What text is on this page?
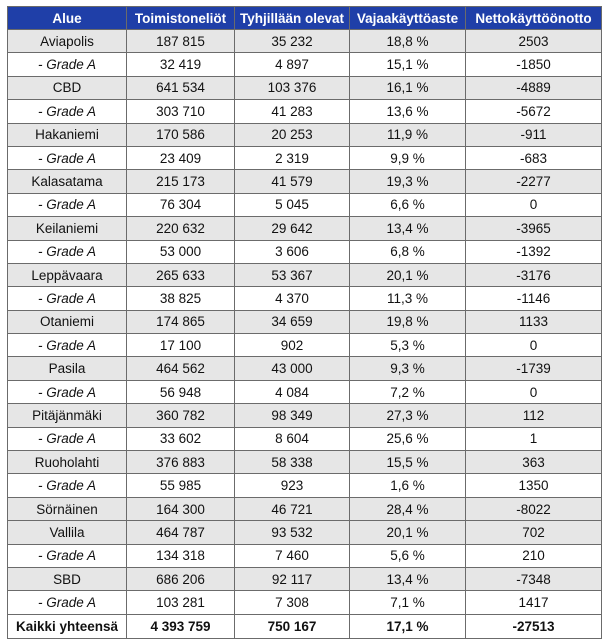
Alue	Toimistoneliöt	Tyhjillään olevat	Vajaakäyttöaste	Nettokäyttöönotto
Aviapolis	187 815	35 232	18,8 %	2503
- Grade A	32 419	4 897	15,1 %	-1850
CBD	641 534	103 376	16,1 %	-4889
- Grade A	303 710	41 283	13,6 %	-5672
Hakaniemi	170 586	20 253	11,9 %	-911
- Grade A	23 409	2 319	9,9 %	-683
Kalasatama	215 173	41 579	19,3 %	-2277
- Grade A	76 304	5 045	6,6 %	0
Keilaniemi	220 632	29 642	13,4 %	-3965
- Grade A	53 000	3 606	6,8 %	-1392
Leppävaara	265 633	53 367	20,1 %	-3176
- Grade A	38 825	4 370	11,3 %	-1146
Otaniemi	174 865	34 659	19,8 %	1133
- Grade A	17 100	902	5,3 %	0
Pasila	464 562	43 000	9,3 %	-1739
- Grade A	56 948	4 084	7,2 %	0
Pitäjänmäki	360 782	98 349	27,3 %	112
- Grade A	33 602	8 604	25,6 %	1
Ruoholahti	376 883	58 338	15,5 %	363
- Grade A	55 985	923	1,6 %	1350
Sörnäinen	164 300	46 721	28,4 %	-8022
Vallila	464 787	93 532	20,1 %	702
- Grade A	134 318	7 460	5,6 %	210
SBD	686 206	92 117	13,4 %	-7348
- Grade A	103 281	7 308	7,1 %	1417
Kaikki yhteensä	4 393 759	750 167	17,1 %	-27513
